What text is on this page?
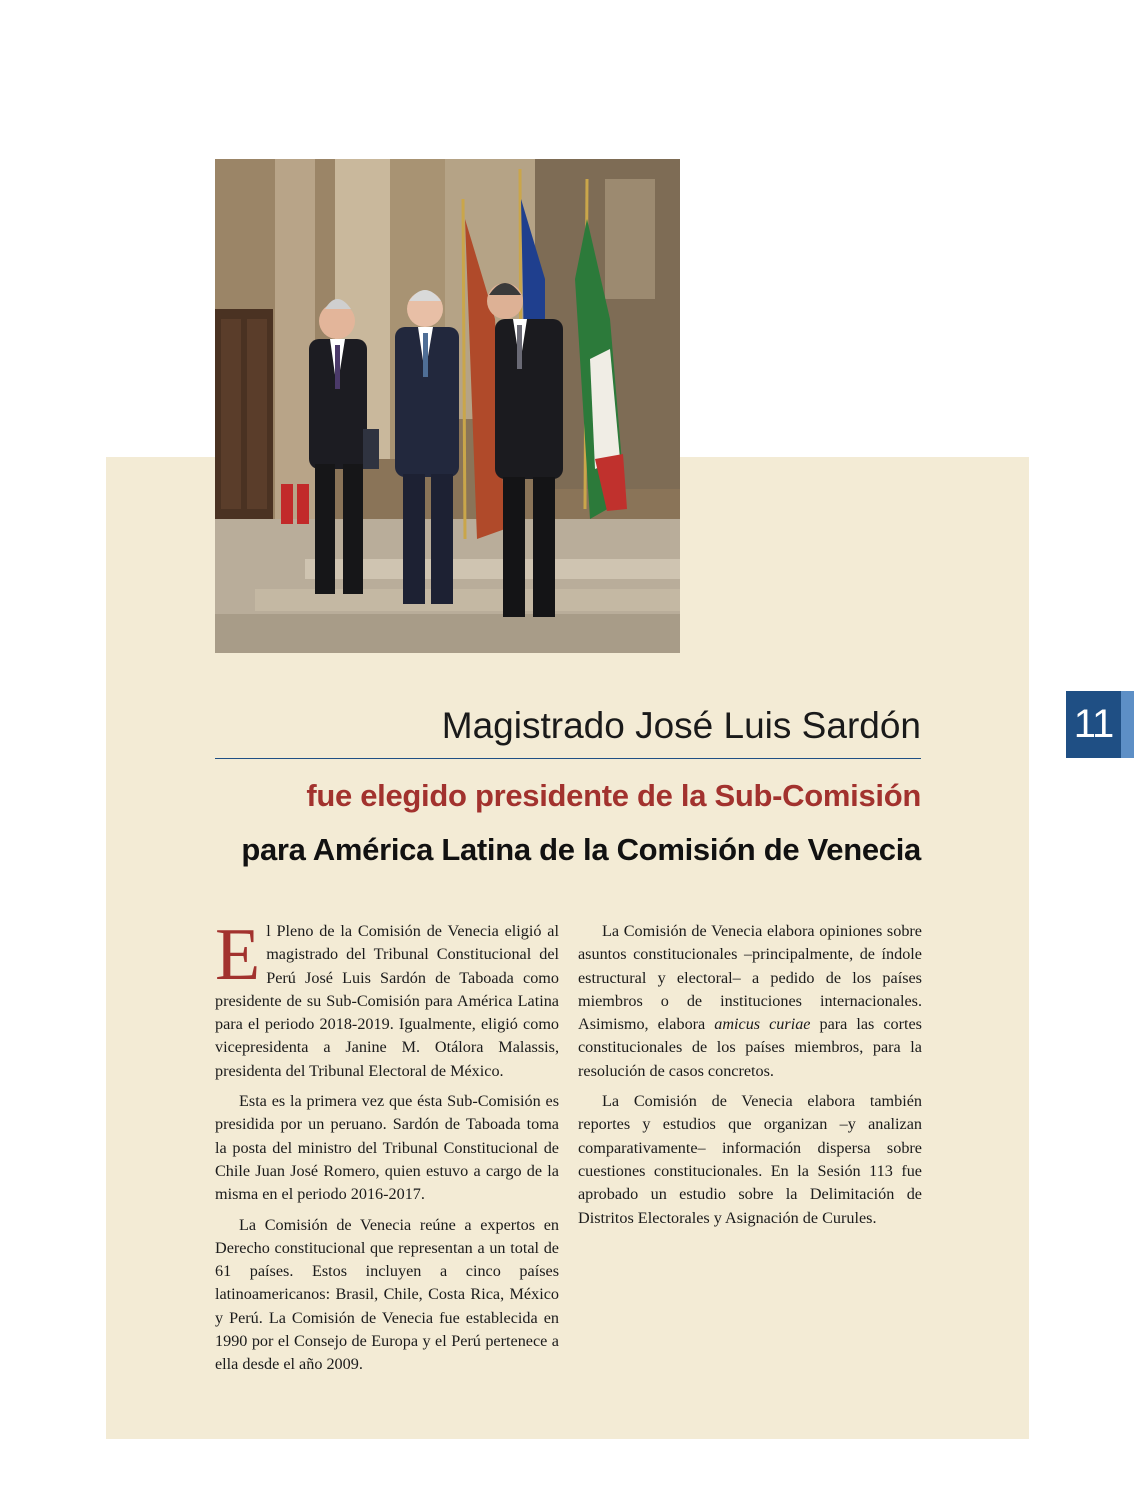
11
Magistrado José Luis Sardón
fue elegido presidente de la Sub-Comisión
para América Latina de la Comisión de Venecia

El Pleno de la Comisión de Venecia eligió al magistrado del Tribunal Constitucional del Perú José Luis Sardón de Taboada como presidente de su Sub-Comisión para América Latina para el periodo 2018-2019. Igualmente, eligió como vicepresidenta a Janine M. Otálora Malassis, presidenta del Tribunal Electoral de México.

Esta es la primera vez que ésta Sub-Comisión es presidida por un peruano. Sardón de Taboada toma la posta del ministro del Tribunal Constitucional de Chile Juan José Romero, quien estuvo a cargo de la misma en el periodo 2016-2017.

La Comisión de Venecia reúne a expertos en Derecho constitucional que representan a un total de 61 países. Estos incluyen a cinco países latinoamericanos: Brasil, Chile, Costa Rica, México y Perú. La Comisión de Venecia fue establecida en 1990 por el Consejo de Europa y el Perú pertenece a ella desde el año 2009.

La Comisión de Venecia elabora opiniones sobre asuntos constitucionales –principalmente, de índole estructural y electoral– a pedido de los países miembros o de instituciones internacionales. Asimismo, elabora amicus curiae para las cortes constitucionales de los países miembros, para la resolución de casos concretos.

La Comisión de Venecia elabora también reportes y estudios que organizan –y analizan comparativamente– información dispersa sobre cuestiones constitucionales. En la Sesión 113 fue aprobado un estudio sobre la Delimitación de Distritos Electorales y Asignación de Curules.
